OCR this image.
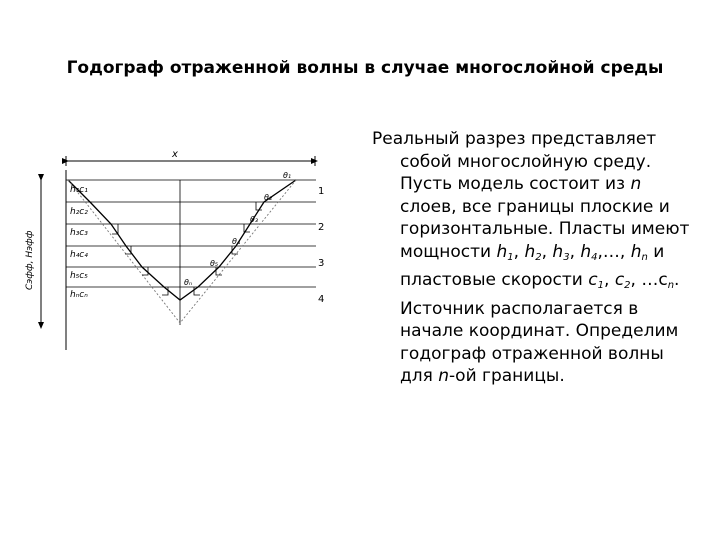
Годограф отраженной волны в случае многослойной среды
x
Cэфф, Hэфф
h₁c₁
h₂c₂
h₃c₃
h₄c₄
h₅c₅
hₙcₙ
θ₁
θ₂
θ₃
θ₄
θ₅
θₙ
1
2
3
4

Реальный разрез представляет собой многослойную среду. Пусть модель состоит из n слоев, все границы плоские и горизонтальные. Пласты имеют мощности $h_1$, $h_2$, $h_3$, $h_4,\dots$, $h_n$ и пластовые скорости $c_1$, $c_2$, $\dots c_n$. Источник располагается в начале координат. Определим годограф отраженной волны для n-ой границы.
